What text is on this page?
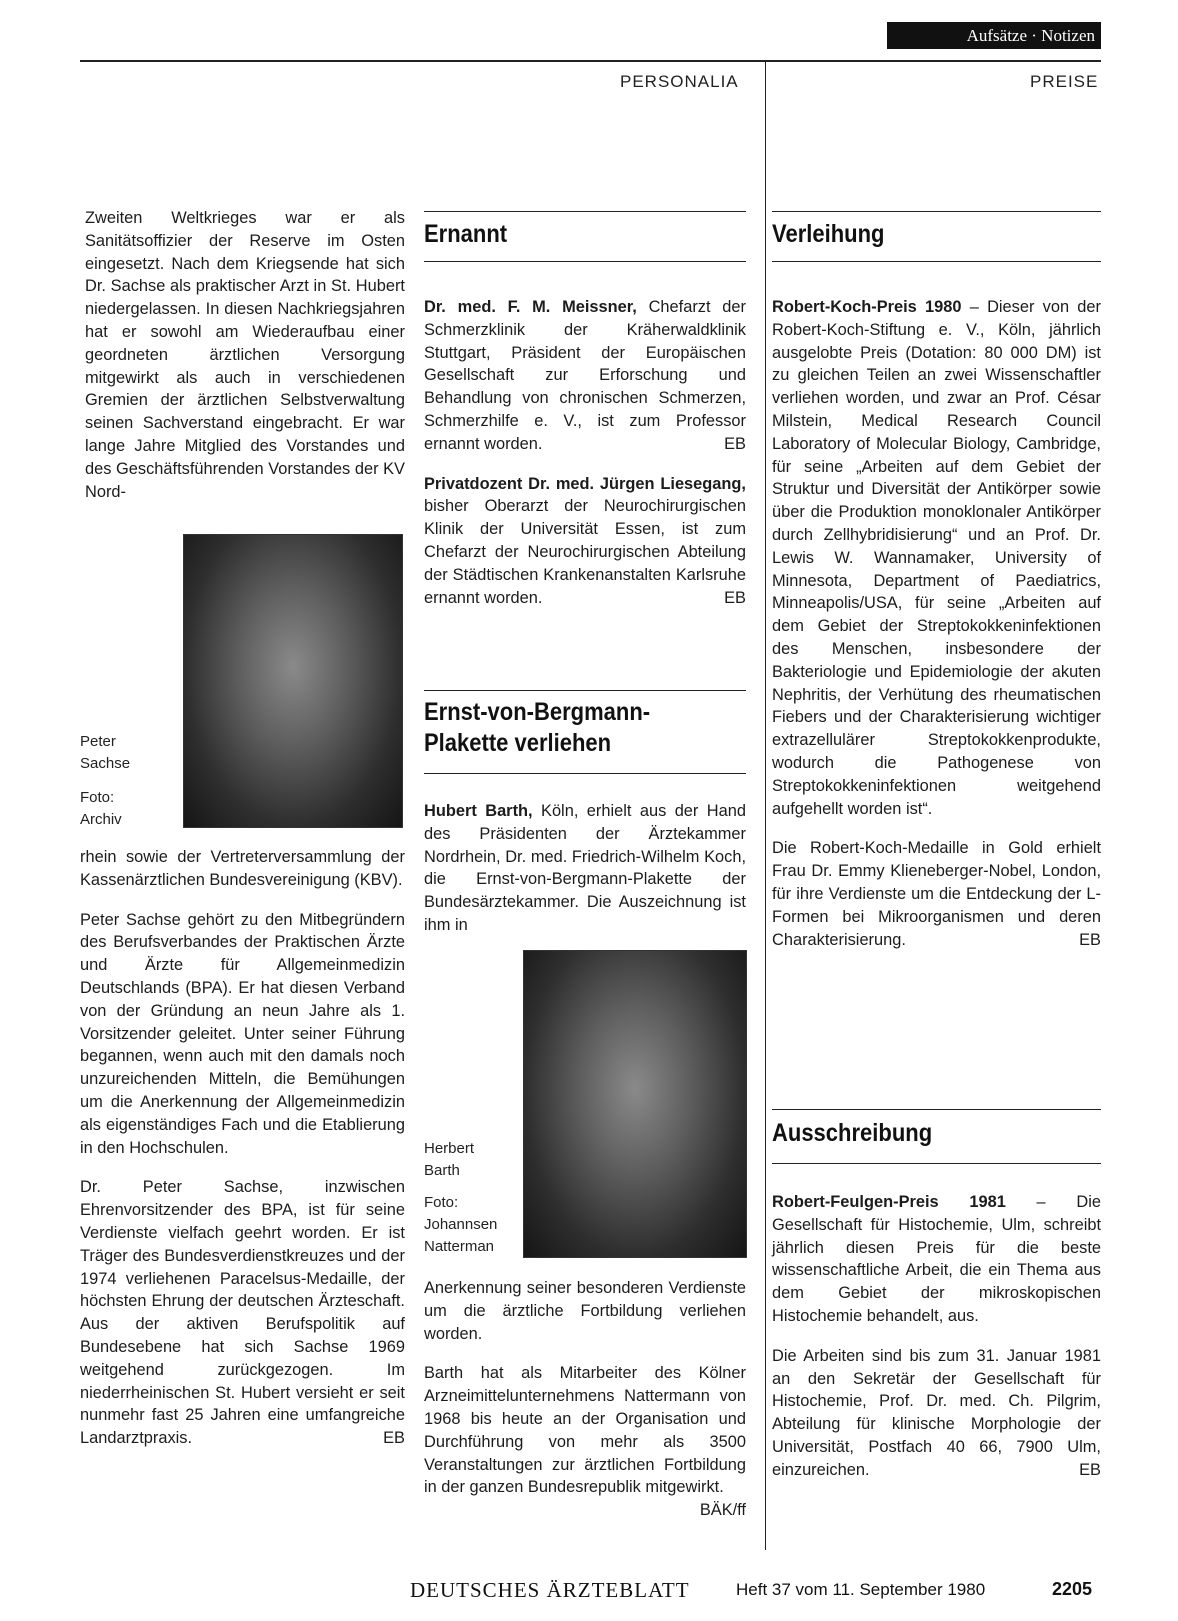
Aufsätze · Notizen
PERSONALIA	PREISE

Zweiten Weltkrieges war er als Sanitätsoffizier der Reserve im Osten eingesetzt. Nach dem Kriegsende hat sich Dr. Sachse als praktischer Arzt in St. Hubert niedergelassen. In diesen Nachkriegsjahren hat er sowohl am Wiederaufbau einer geordneten ärztlichen Versorgung mitgewirkt als auch in verschiedenen Gremien der ärztlichen Selbstverwaltung seinen Sachverstand eingebracht. Er war lange Jahre Mitglied des Vorstandes und des Geschäftsführenden Vorstandes der KV Nord-

Peter
Sachse
Foto:
Archiv

rhein sowie der Vertreterversammlung der Kassenärztlichen Bundesvereinigung (KBV).

Peter Sachse gehört zu den Mitbegründern des Berufsverbandes der Praktischen Ärzte und Ärzte für Allgemeinmedizin Deutschlands (BPA). Er hat diesen Verband von der Gründung an neun Jahre als 1. Vorsitzender geleitet. Unter seiner Führung begannen, wenn auch mit den damals noch unzureichenden Mitteln, die Bemühungen um die Anerkennung der Allgemeinmedizin als eigenständiges Fach und die Etablierung in den Hochschulen.

Dr. Peter Sachse, inzwischen Ehrenvorsitzender des BPA, ist für seine Verdienste vielfach geehrt worden. Er ist Träger des Bundesverdienstkreuzes und der 1974 verliehenen Paracelsus-Medaille, der höchsten Ehrung der deutschen Ärzteschaft. Aus der aktiven Berufspolitik auf Bundesebene hat sich Sachse 1969 weitgehend zurückgezogen. Im niederrheinischen St. Hubert versieht er seit nunmehr fast 25 Jahren eine umfangreiche Landarztpraxis.	EB

Ernannt

Dr. med. F. M. Meissner, Chefarzt der Schmerzklinik der Kräherwaldklinik Stuttgart, Präsident der Europäischen Gesellschaft zur Erforschung und Behandlung von chronischen Schmerzen, Schmerzhilfe e. V., ist zum Professor ernannt worden.	EB

Privatdozent Dr. med. Jürgen Liesegang, bisher Oberarzt der Neurochirurgischen Klinik der Universität Essen, ist zum Chefarzt der Neurochirurgischen Abteilung der Städtischen Krankenanstalten Karlsruhe ernannt worden.	EB

Ernst-von-Bergmann-
Plakette verliehen

Hubert Barth, Köln, erhielt aus der Hand des Präsidenten der Ärztekammer Nordrhein, Dr. med. Friedrich-Wilhelm Koch, die Ernst-von-Bergmann-Plakette der Bundesärztekammer. Die Auszeichnung ist ihm in

Herbert
Barth
Foto:
Johannsen
Natterman

Anerkennung seiner besonderen Verdienste um die ärztliche Fortbildung verliehen worden.

Barth hat als Mitarbeiter des Kölner Arzneimittelunternehmens Nattermann von 1968 bis heute an der Organisation und Durchführung von mehr als 3500 Veranstaltungen zur ärztlichen Fortbildung in der ganzen Bundesrepublik mitgewirkt.
BÄK/ff

Verleihung

Robert-Koch-Preis 1980 – Dieser von der Robert-Koch-Stiftung e. V., Köln, jährlich ausgelobte Preis (Dotation: 80 000 DM) ist zu gleichen Teilen an zwei Wissenschaftler verliehen worden, und zwar an Prof. César Milstein, Medical Research Council Laboratory of Molecular Biology, Cambridge, für seine „Arbeiten auf dem Gebiet der Struktur und Diversität der Antikörper sowie über die Produktion monoklonaler Antikörper durch Zellhybridisierung“ und an Prof. Dr. Lewis W. Wannamaker, University of Minnesota, Department of Paediatrics, Minneapolis/USA, für seine „Arbeiten auf dem Gebiet der Streptokokkeninfektionen des Menschen, insbesondere der Bakteriologie und Epidemiologie der akuten Nephritis, der Verhütung des rheumatischen Fiebers und der Charakterisierung wichtiger extrazellulärer Streptokokkenprodukte, wodurch die Pathogenese von Streptokokkeninfektionen weitgehend aufgehellt worden ist“.

Die Robert-Koch-Medaille in Gold erhielt Frau Dr. Emmy Klieneberger-Nobel, London, für ihre Verdienste um die Entdeckung der L-Formen bei Mikroorganismen und deren Charakterisierung.	EB

Ausschreibung

Robert-Feulgen-Preis 1981 – Die Gesellschaft für Histochemie, Ulm, schreibt jährlich diesen Preis für die beste wissenschaftliche Arbeit, die ein Thema aus dem Gebiet der mikroskopischen Histochemie behandelt, aus.

Die Arbeiten sind bis zum 31. Januar 1981 an den Sekretär der Gesellschaft für Histochemie, Prof. Dr. med. Ch. Pilgrim, Abteilung für klinische Morphologie der Universität, Postfach 40 66, 7900 Ulm, einzureichen.	EB

DEUTSCHES ÄRZTEBLATT	Heft 37 vom 11. September 1980	2205
